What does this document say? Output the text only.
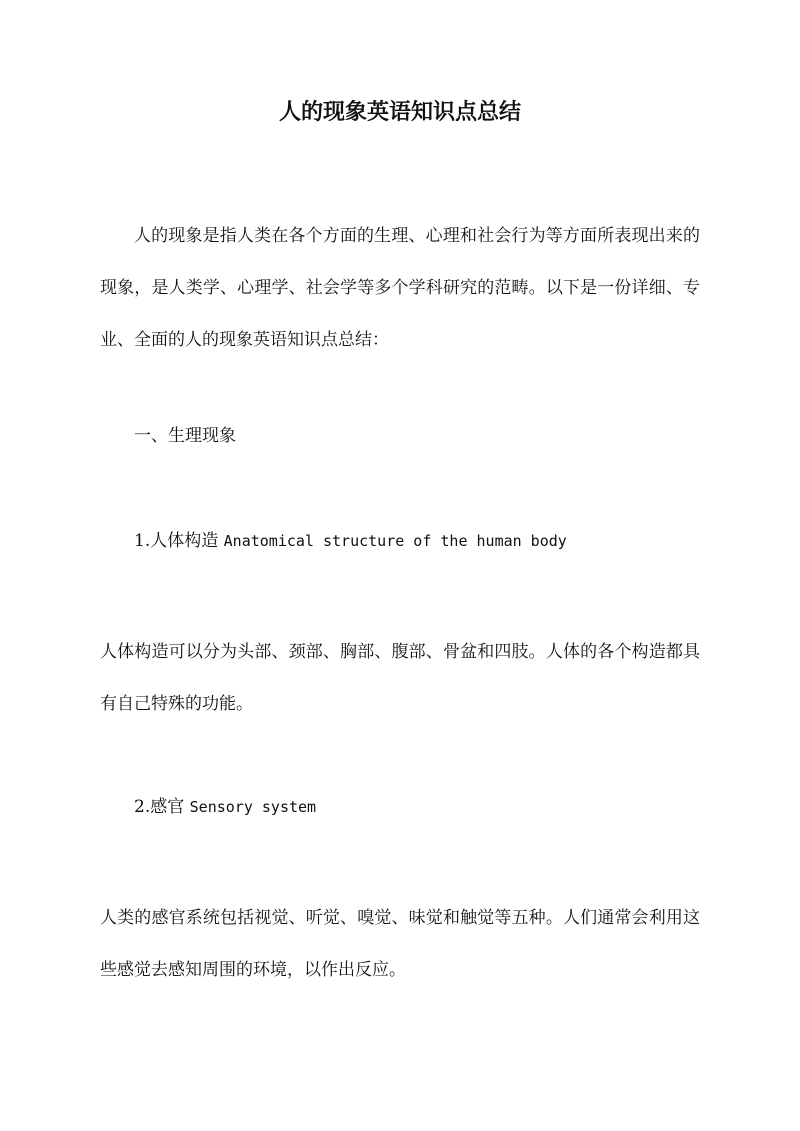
人的现象英语知识点总结

人的现象是指人类在各个方面的生理、心理和社会行为等方面所表现出来的现象，是人类学、心理学、社会学等多个学科研究的范畴。以下是一份详细、专业、全面的人的现象英语知识点总结：

一、生理现象
1.人体构造 Anatomical structure of the human body

人体构造可以分为头部、颈部、胸部、腹部、骨盆和四肢。人体的各个构造都具有自己特殊的功能。

2.感官 Sensory system

人类的感官系统包括视觉、听觉、嗅觉、味觉和触觉等五种。人们通常会利用这些感觉去感知周围的环境，以作出反应。
